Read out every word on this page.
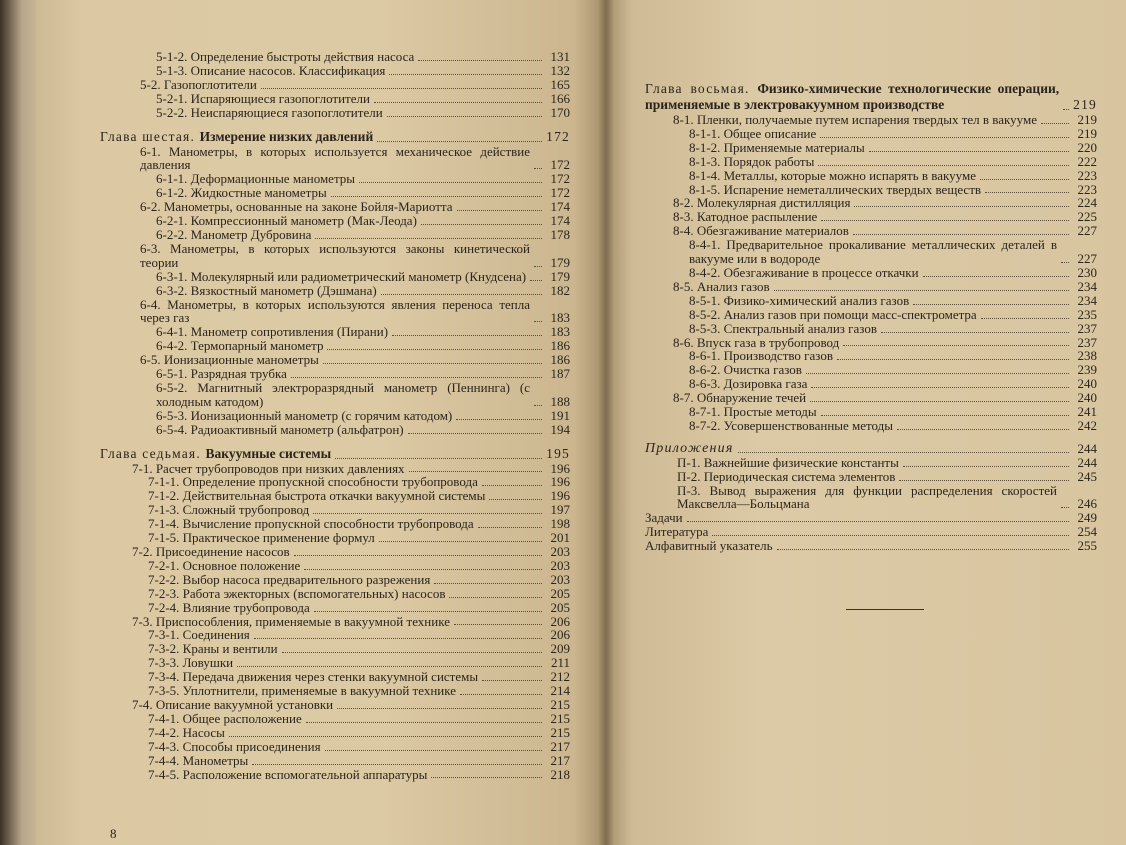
5-1-2. Определение быстроты действия насоса	131
5-1-3. Описание насосов. Классификация	132
5-2. Газопоглотители	165
5-2-1. Испаряющиеся газопоглотители	166
5-2-2. Неиспаряющиеся газопоглотители	170
Глава шестая. Измерение низких давлений	172
6-1. Манометры, в которых используется механическое действие давления	172
6-1-1. Деформационные манометры	172
6-1-2. Жидкостные манометры	172
6-2. Манометры, основанные на законе Бойля-Мариотта	174
6-2-1. Компрессионный манометр (Мак-Леода)	174
6-2-2. Манометр Дубровина	178
6-3. Манометры, в которых используются законы кинетической теории	179
6-3-1. Молекулярный или радиометрический манометр (Кнудсена)	179
6-3-2. Вязкостный манометр (Дэшмана)	182
6-4. Манометры, в которых используются явления переноса тепла через газ	183
6-4-1. Манометр сопротивления (Пирани)	183
6-4-2. Термопарный манометр	186
6-5. Ионизационные манометры	186
6-5-1. Разрядная трубка	187
6-5-2. Магнитный электроразрядный манометр (Пеннинга) (с холодным катодом)	188
6-5-3. Ионизационный манометр (с горячим катодом)	191
6-5-4. Радиоактивный манометр (альфатрон)	194
Глава седьмая. Вакуумные системы	195
7-1. Расчет трубопроводов при низких давлениях	196
7-1-1. Определение пропускной способности трубопровода	196
7-1-2. Действительная быстрота откачки вакуумной системы	196
7-1-3. Сложный трубопровод	197
7-1-4. Вычисление пропускной способности трубопровода	198
7-1-5. Практическое применение формул	201
7-2. Присоединение насосов	203
7-2-1. Основное положение	203
7-2-2. Выбор насоса предварительного разрежения	203
7-2-3. Работа эжекторных (вспомогательных) насосов	205
7-2-4. Влияние трубопровода	205
7-3. Приспособления, применяемые в вакуумной технике	206
7-3-1. Соединения	206
7-3-2. Краны и вентили	209
7-3-3. Ловушки	211
7-3-4. Передача движения через стенки вакуумной системы	212
7-3-5. Уплотнители, применяемые в вакуумной технике	214
7-4. Описание вакуумной установки	215
7-4-1. Общее расположение	215
7-4-2. Насосы	215
7-4-3. Способы присоединения	217
7-4-4. Манометры	217
7-4-5. Расположение вспомогательной аппаратуры	218
Глава восьмая. Физико-химические технологические операции, применяемые в электровакуумном производстве	219
8-1. Пленки, получаемые путем испарения твердых тел в вакууме	219
8-1-1. Общее описание	219
8-1-2. Применяемые материалы	220
8-1-3. Порядок работы	222
8-1-4. Металлы, которые можно испарять в вакууме	223
8-1-5. Испарение неметаллических твердых веществ	223
8-2. Молекулярная дистилляция	224
8-3. Катодное распыление	225
8-4. Обезгаживание материалов	227
8-4-1. Предварительное прокаливание металлических деталей в вакууме или в водороде	227
8-4-2. Обезгаживание в процессе откачки	230
8-5. Анализ газов	234
8-5-1. Физико-химический анализ газов	234
8-5-2. Анализ газов при помощи масс-спектрометра	235
8-5-3. Спектральный анализ газов	237
8-6. Впуск газа в трубопровод	237
8-6-1. Производство газов	238
8-6-2. Очистка газов	239
8-6-3. Дозировка газа	240
8-7. Обнаружение течей	240
8-7-1. Простые методы	241
8-7-2. Усовершенствованные методы	242
Приложения	244
П-1. Важнейшие физические константы	244
П-2. Периодическая система элементов	245
П-3. Вывод выражения для функции распределения скоростей Максвелла—Больцмана	246
Задачи	249
Литература	254
Алфавитный указатель	255
8
